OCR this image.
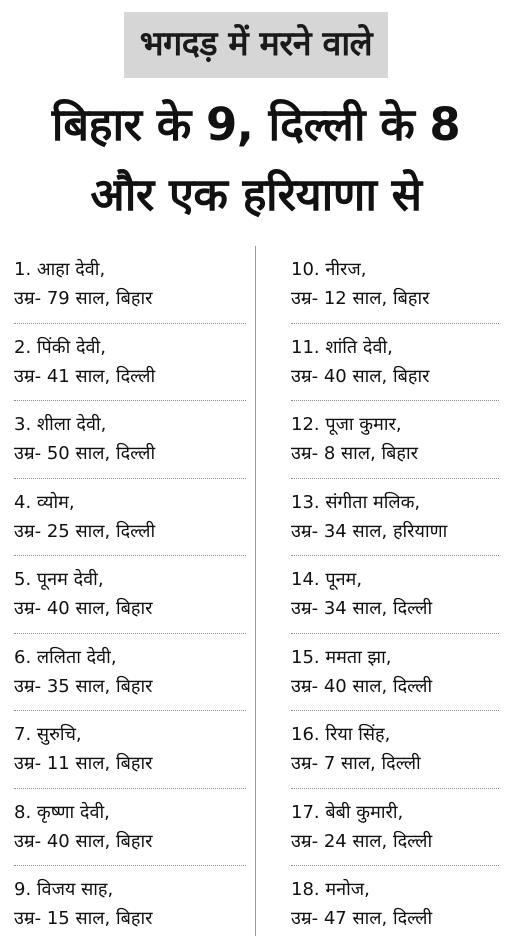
भगदड़ में मरने वाले
बिहार के 9, दिल्ली के 8
और एक हरियाणा से
1. आहा देवी,
उम्र- 79 साल, बिहार
2. पिंकी देवी,
उम्र- 41 साल, दिल्ली
3. शीला देवी,
उम्र- 50 साल, दिल्ली
4. व्योम,
उम्र- 25 साल, दिल्ली
5. पूनम देवी,
उम्र- 40 साल, बिहार
6. ललिता देवी,
उम्र- 35 साल, बिहार
7. सुरुचि,
उम्र- 11 साल, बिहार
8. कृष्णा देवी,
उम्र- 40 साल, बिहार
9. विजय साह,
उम्र- 15 साल, बिहार
10. नीरज,
उम्र- 12 साल, बिहार
11. शांति देवी,
उम्र- 40 साल, बिहार
12. पूजा कुमार,
उम्र- 8 साल, बिहार
13. संगीता मलिक,
उम्र- 34 साल, हरियाणा
14. पूनम,
उम्र- 34 साल, दिल्ली
15. ममता झा,
उम्र- 40 साल, दिल्ली
16. रिया सिंह,
उम्र- 7 साल, दिल्ली
17. बेबी कुमारी,
उम्र- 24 साल, दिल्ली
18. मनोज,
उम्र- 47 साल, दिल्ली
